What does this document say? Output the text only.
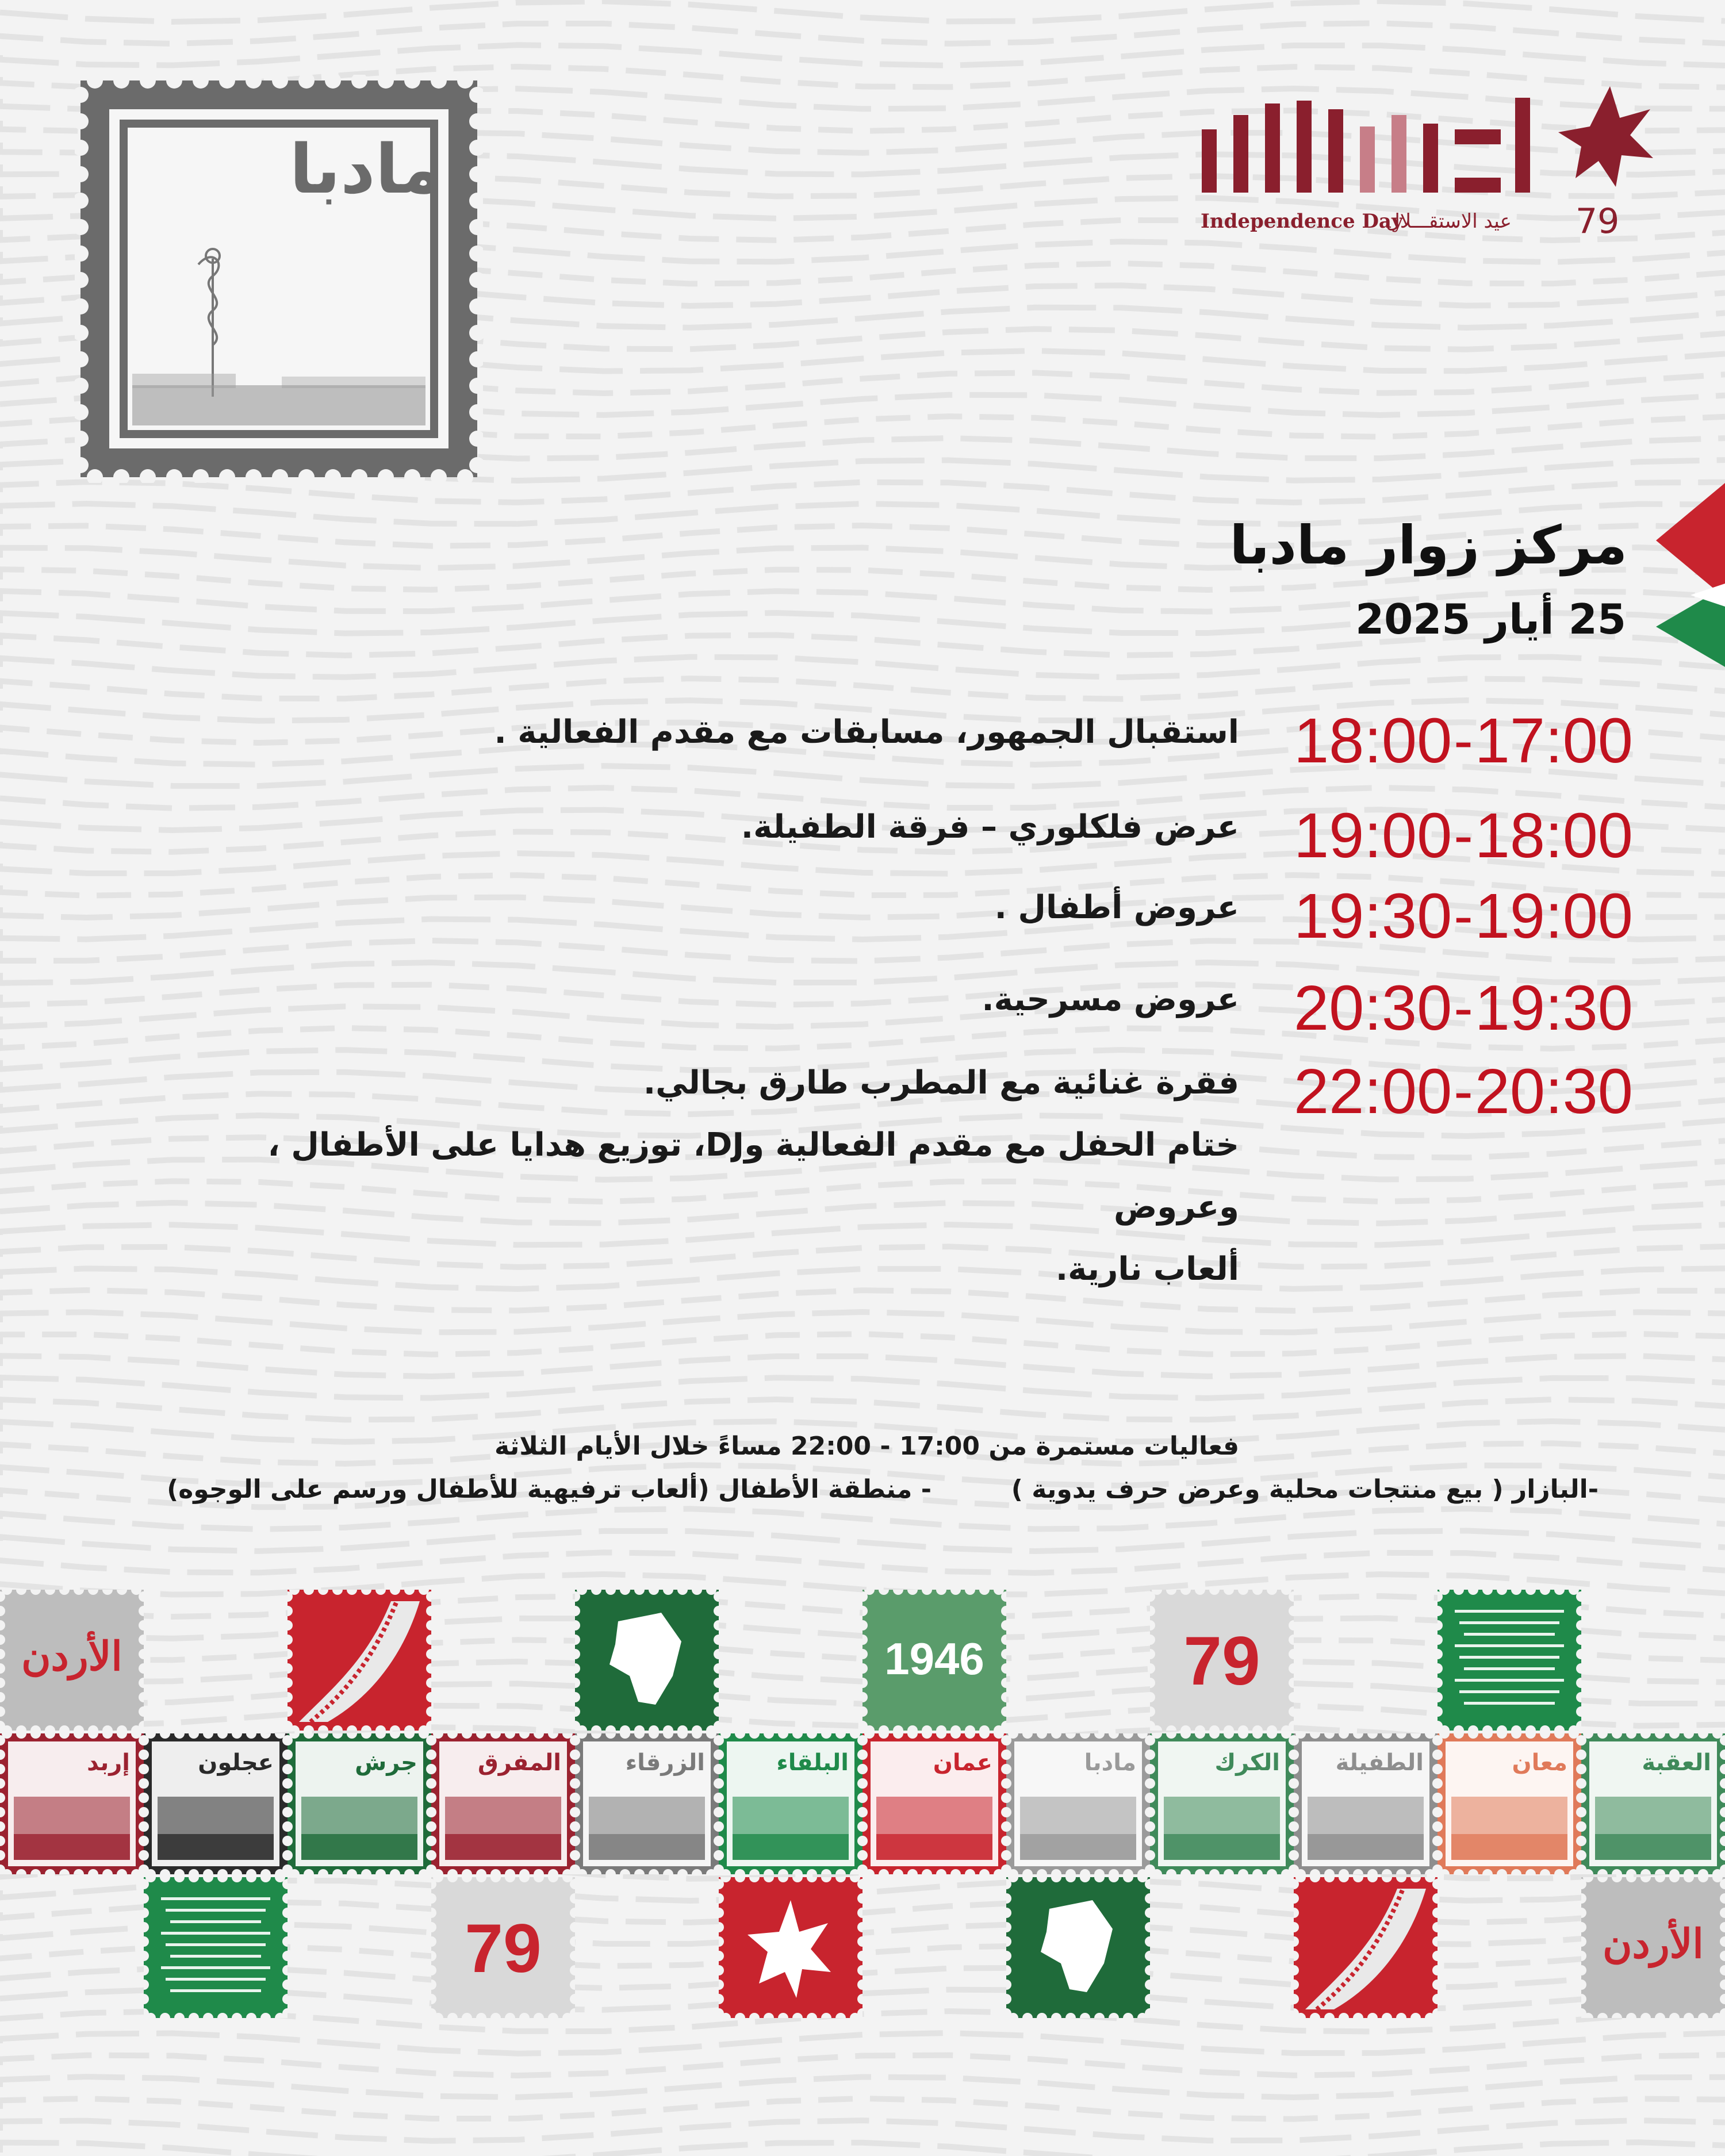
مادبا
Independence Day
عيد الاستقـــلال 79
مركز زوار مادبا
25 أيار 2025
18:00 - 17:00
استقبال الجمهور، مسابقات مع مقدم الفعالية .
19:00 - 18:00
عرض فلكلوري – فرقة الطفيلة.
19:30 - 19:00
عروض أطفال .
20:30 - 19:30
عروض مسرحية.
22:00 - 20:30
فقرة غنائية مع المطرب طارق بجالي.
ختام الحفل مع مقدم الفعالية وDJ، توزيع هدايا على الأطفال ، وعروض
ألعاب نارية.
فعاليات مستمرة من 17:00 - 22:00 مساءً خلال الأيام الثلاثة
-البازار ( بيع منتجات محلية وعرض حرف يدوية )
- منطقة الأطفال (ألعاب ترفيهية للأطفال ورسم على الوجوه)
الأردن	1946	79
العقبة
معان
الطفيلة
الكرك
مادبا
عمان
البلقاء
الزرقاء
المفرق
جرش
عجلون
إربد
79	الأردن
